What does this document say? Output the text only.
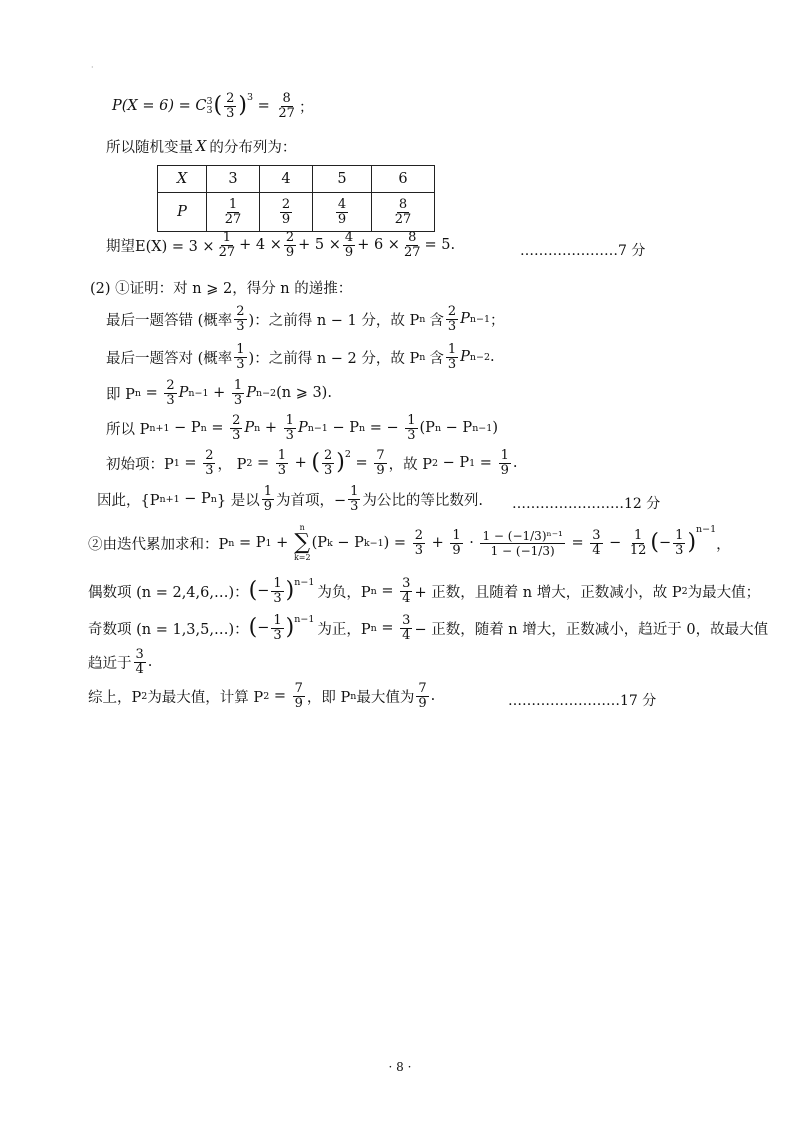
·
P(X = 6) = C 3
3 ( $\frac{2}{3} )^3$
= $\frac{8}{27}$ ；
所以随机变量 X 的分布列为：
X	3	4	5	6
P	$\frac{1}{27}$	$\frac{2}{9}$	$\frac{4}{9}$	$\frac{8}{27}$
期望$E(X) = 3 \times \frac{1}{27} + 4 \times \frac{2}{9} + 5 \times \frac{4}{9} + 6 \times \frac{8}{27} = 5$.	…………………7 分
(2) ①证明：对 n ⩾ 2，得分 n 的递推：
最后一题答错 (概率 $\frac{2}{3}$ )：之前得 n − 1 分，故 P n 含 $\frac{2}{3}$ P n−1 ；
最后一题答对 (概率 $\frac{1}{3}$ )：之前得 n − 2 分，故 P n 含 $\frac{1}{3}$ P n−2 .
即 P $n = \frac{2}{3}$ P $n-1 + \frac{1}{3}$ P n−2 (n ⩾ 3).
所以 P n+1 − P $n = \frac{2}{3}$ P $n + \frac{1}{3}$ P n−1 − P n = − $\frac{1}{3} (P$ n − P n−1 )
初始项：P $1 = \frac{2}{3}$ ， P $2 = \frac{1}{3}$ + ( $\frac{2}{3} )^2$
= $\frac{7}{9}$ ，故 P 2 − P $1 = \frac{1}{9}$ .
因此，{P n+1 − P n } 是以 $\frac{1}{9}$ 为首项，− $\frac{1}{3}$ 为公比的等比数列. ……………………12 分
②由迭代累加求和：P n = P 1 +
n
∑
k=2
(P k − P k−1 ) = $\frac{2}{3} + \frac{1}{9} \cdot \frac{\text{1 − (−1/3)ⁿ⁻¹}}{1 - (-1/3)} = \frac{3}{4} - \frac{1}{12}$ ( − $\frac{1}{3}$ )
$^{n-1}$
，
偶数项 (n = 2,4,6,…)： ( − $\frac{1}{3} )^{n-1}$
为负，P $n = \frac{3}{4}$ + 正数，且随着 n 增大，正数减小，故 P 2 为最大值；
奇数项 (n = 1,3,5,…)： ( − $\frac{1}{3} )^{n-1}$
为正，P $n = \frac{3}{4}$ − 正数，随着 n 增大，正数减小，趋近于 0，故最大值
趋近于 $\frac{3}{4}$ .
综上，P 2 为最大值，计算 P $2 = \frac{7}{9}$ ，即 P n 最大值为 $\frac{7}{9}$ .	……………………17 分
· 8 ·
